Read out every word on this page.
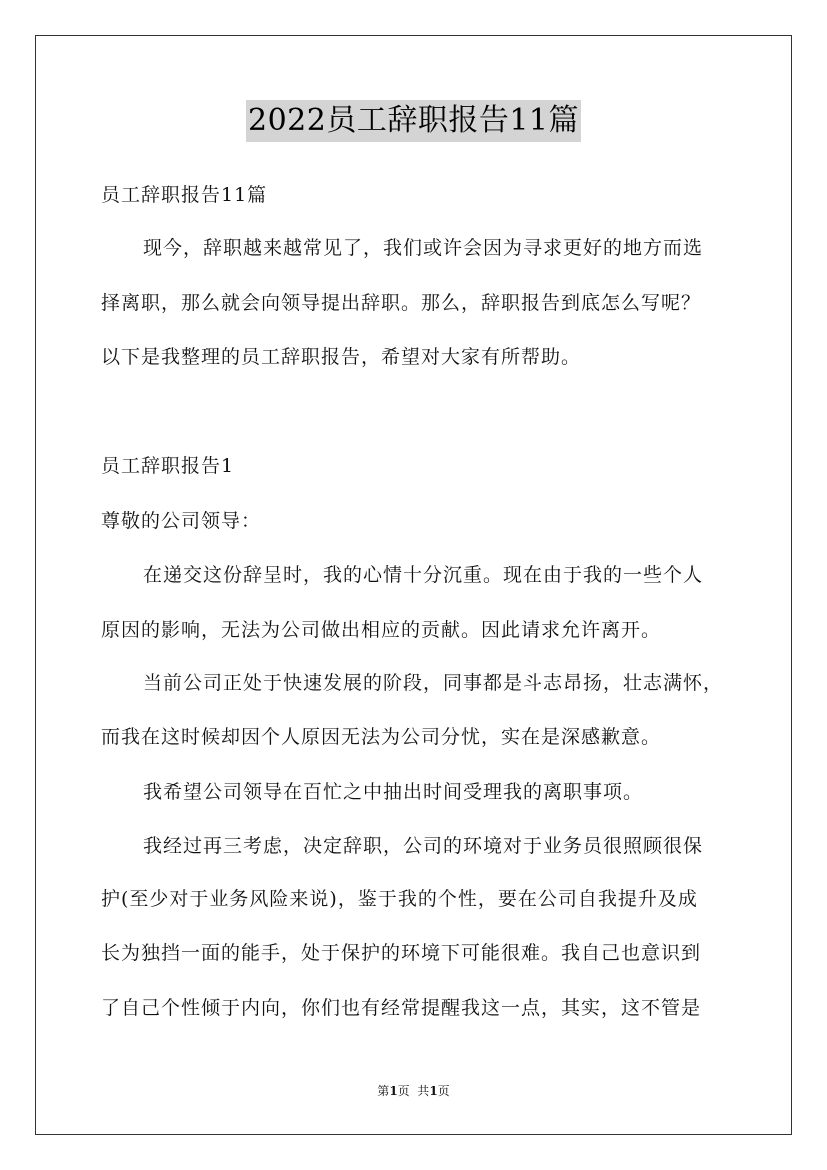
2022员工辞职报告11篇
员工辞职报告11篇
现今，辞职越来越常见了，我们或许会因为寻求更好的地方而选
择离职，那么就会向领导提出辞职。那么，辞职报告到底怎么写呢？
以下是我整理的员工辞职报告，希望对大家有所帮助。
员工辞职报告1
尊敬的公司领导：
在递交这份辞呈时，我的心情十分沉重。现在由于我的一些个人
原因的影响，无法为公司做出相应的贡献。因此请求允许离开。
当前公司正处于快速发展的阶段，同事都是斗志昂扬，壮志满怀，
而我在这时候却因个人原因无法为公司分忧，实在是深感歉意。
我希望公司领导在百忙之中抽出时间受理我的离职事项。
我经过再三考虑，决定辞职，公司的环境对于业务员很照顾很保
护(至少对于业务风险来说)，鉴于我的个性，要在公司自我提升及成
长为独挡一面的能手，处于保护的环境下可能很难。我自己也意识到
了自己个性倾于内向，你们也有经常提醒我这一点，其实，这不管是
第1页  共1页
